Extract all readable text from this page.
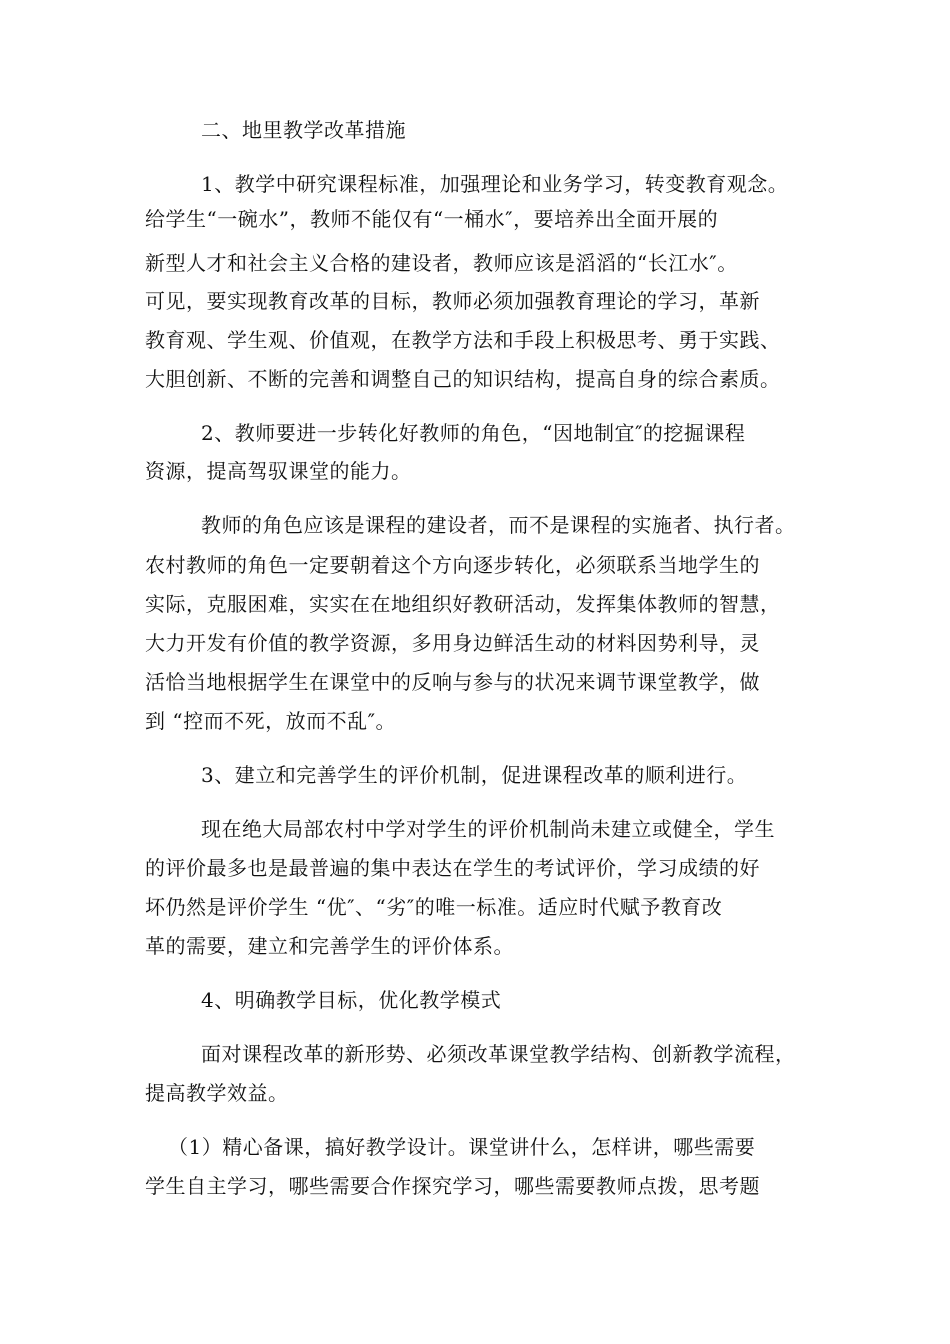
二、地里教学改革措施

1、教学中研究课程标准，加强理论和业务学习，转变教育观念。

给学生“一碗水”，教师不能仅有“一桶水″，要培养出全面开展的

新型人才和社会主义合格的建设者，教师应该是滔滔的“长江水″。

可见，要实现教育改革的目标，教师必须加强教育理论的学习，革新

教育观、学生观、价值观，在教学方法和手段上积极思考、勇于实践、

大胆创新、不断的完善和调整自己的知识结构，提高自身的综合素质。

2、教师要进一步转化好教师的角色，“因地制宜″的挖掘课程

资源，提高驾驭课堂的能力。

教师的角色应该是课程的建设者，而不是课程的实施者、执行者。

农村教师的角色一定要朝着这个方向逐步转化，必须联系当地学生的

实际，克服困难，实实在在地组织好教研活动，发挥集体教师的智慧，

大力开发有价值的教学资源，多用身边鲜活生动的材料因势利导，灵

活恰当地根据学生在课堂中的反响与参与的状况来调节课堂教学，做

到 “控而不死，放而不乱″。

3、建立和完善学生的评价机制，促进课程改革的顺利进行。

现在绝大局部农村中学对学生的评价机制尚未建立或健全，学生

的评价最多也是最普遍的集中表达在学生的考试评价，学习成绩的好

坏仍然是评价学生 “优″、“劣″的唯一标准。适应时代赋予教育改

革的需要，建立和完善学生的评价体系。

4、明确教学目标，优化教学模式

面对课程改革的新形势、必须改革课堂教学结构、创新教学流程，

提高教学效益。

（1）精心备课，搞好教学设计。课堂讲什么，怎样讲，哪些需要

学生自主学习，哪些需要合作探究学习，哪些需要教师点拨，思考题
